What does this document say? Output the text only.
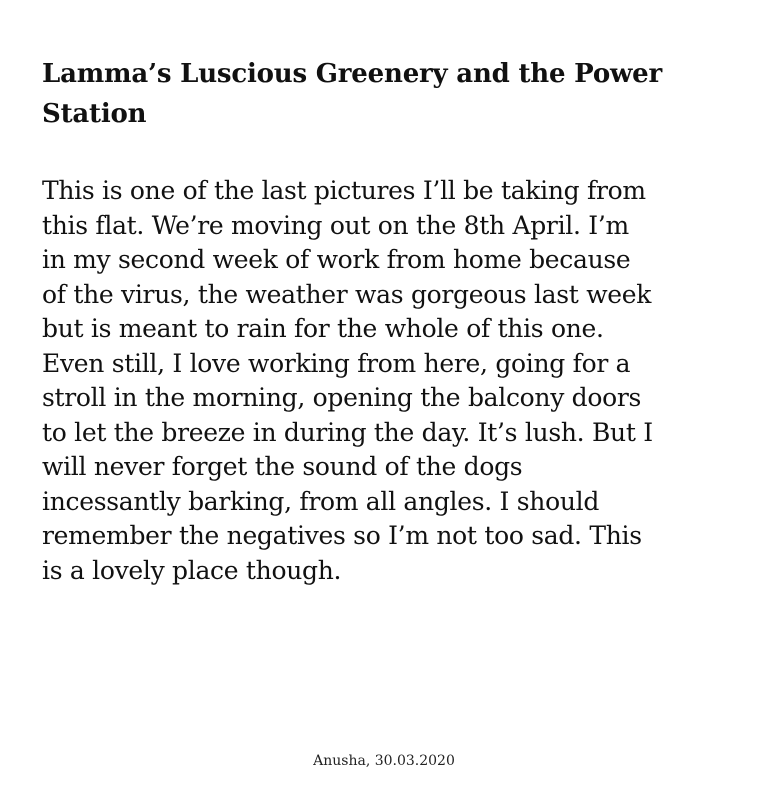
Lamma’s Luscious Greenery and the Power
Station
This is one of the last pictures I’ll be taking from
this flat. We’re moving out on the 8th April. I’m
in my second week of work from home because
of the virus, the weather was gorgeous last week
but is meant to rain for the whole of this one.
Even still, I love working from here, going for a
stroll in the morning, opening the balcony doors
to let the breeze in during the day. It’s lush. But I
will never forget the sound of the dogs
incessantly barking, from all angles. I should
remember the negatives so I’m not too sad. This
is a lovely place though.
Anusha, 30.03.2020
